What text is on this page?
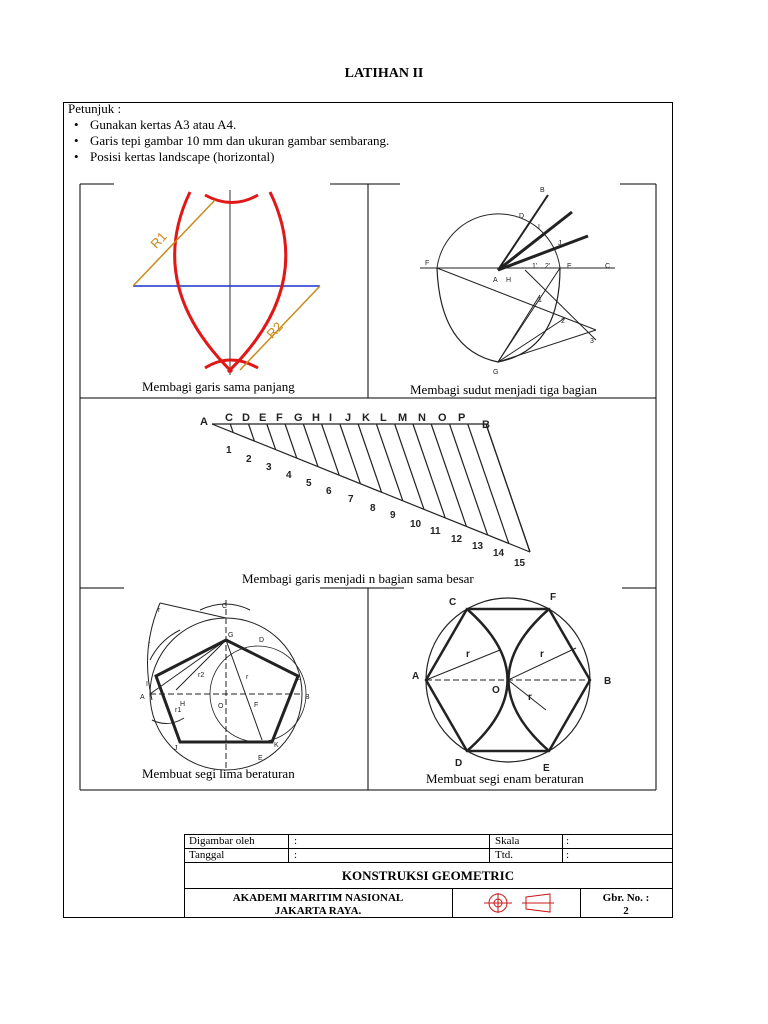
LATIHAN II
Petunjuk :
• Gunakan kertas A3 atau A4.
• Garis tepi gambar 10 mm dan ukuran gambar sembarang.
• Posisi kertas landscape (horizontal)
R1
R2
B
D
I
J
F
A H
1' 2' E	C
1
2
3
G
A C D E F G H I J K L M N O P
B
1
2
3
4
5
6
7
8
9
10
11
12
13
14
15
C
G
D
r
r
I
L
A
H
r2	r
B
r1
O	F
J	K
E
C	F
A
r	r
O
r
B
D	E
Membagi garis sama panjang	Membagi sudut menjadi tiga bagian
Membagi garis menjadi n bagian sama besar
Membuat segi lima beraturan	Membuat segi enam beraturan
Digambar oleh	:	Skala	:
Tanggal	:	Ttd.	:
KONSTRUKSI GEOMETRIC
AKADEMI MARITIM NASIONAL
JAKARTA RAYA.
Gbr. No. :
2
